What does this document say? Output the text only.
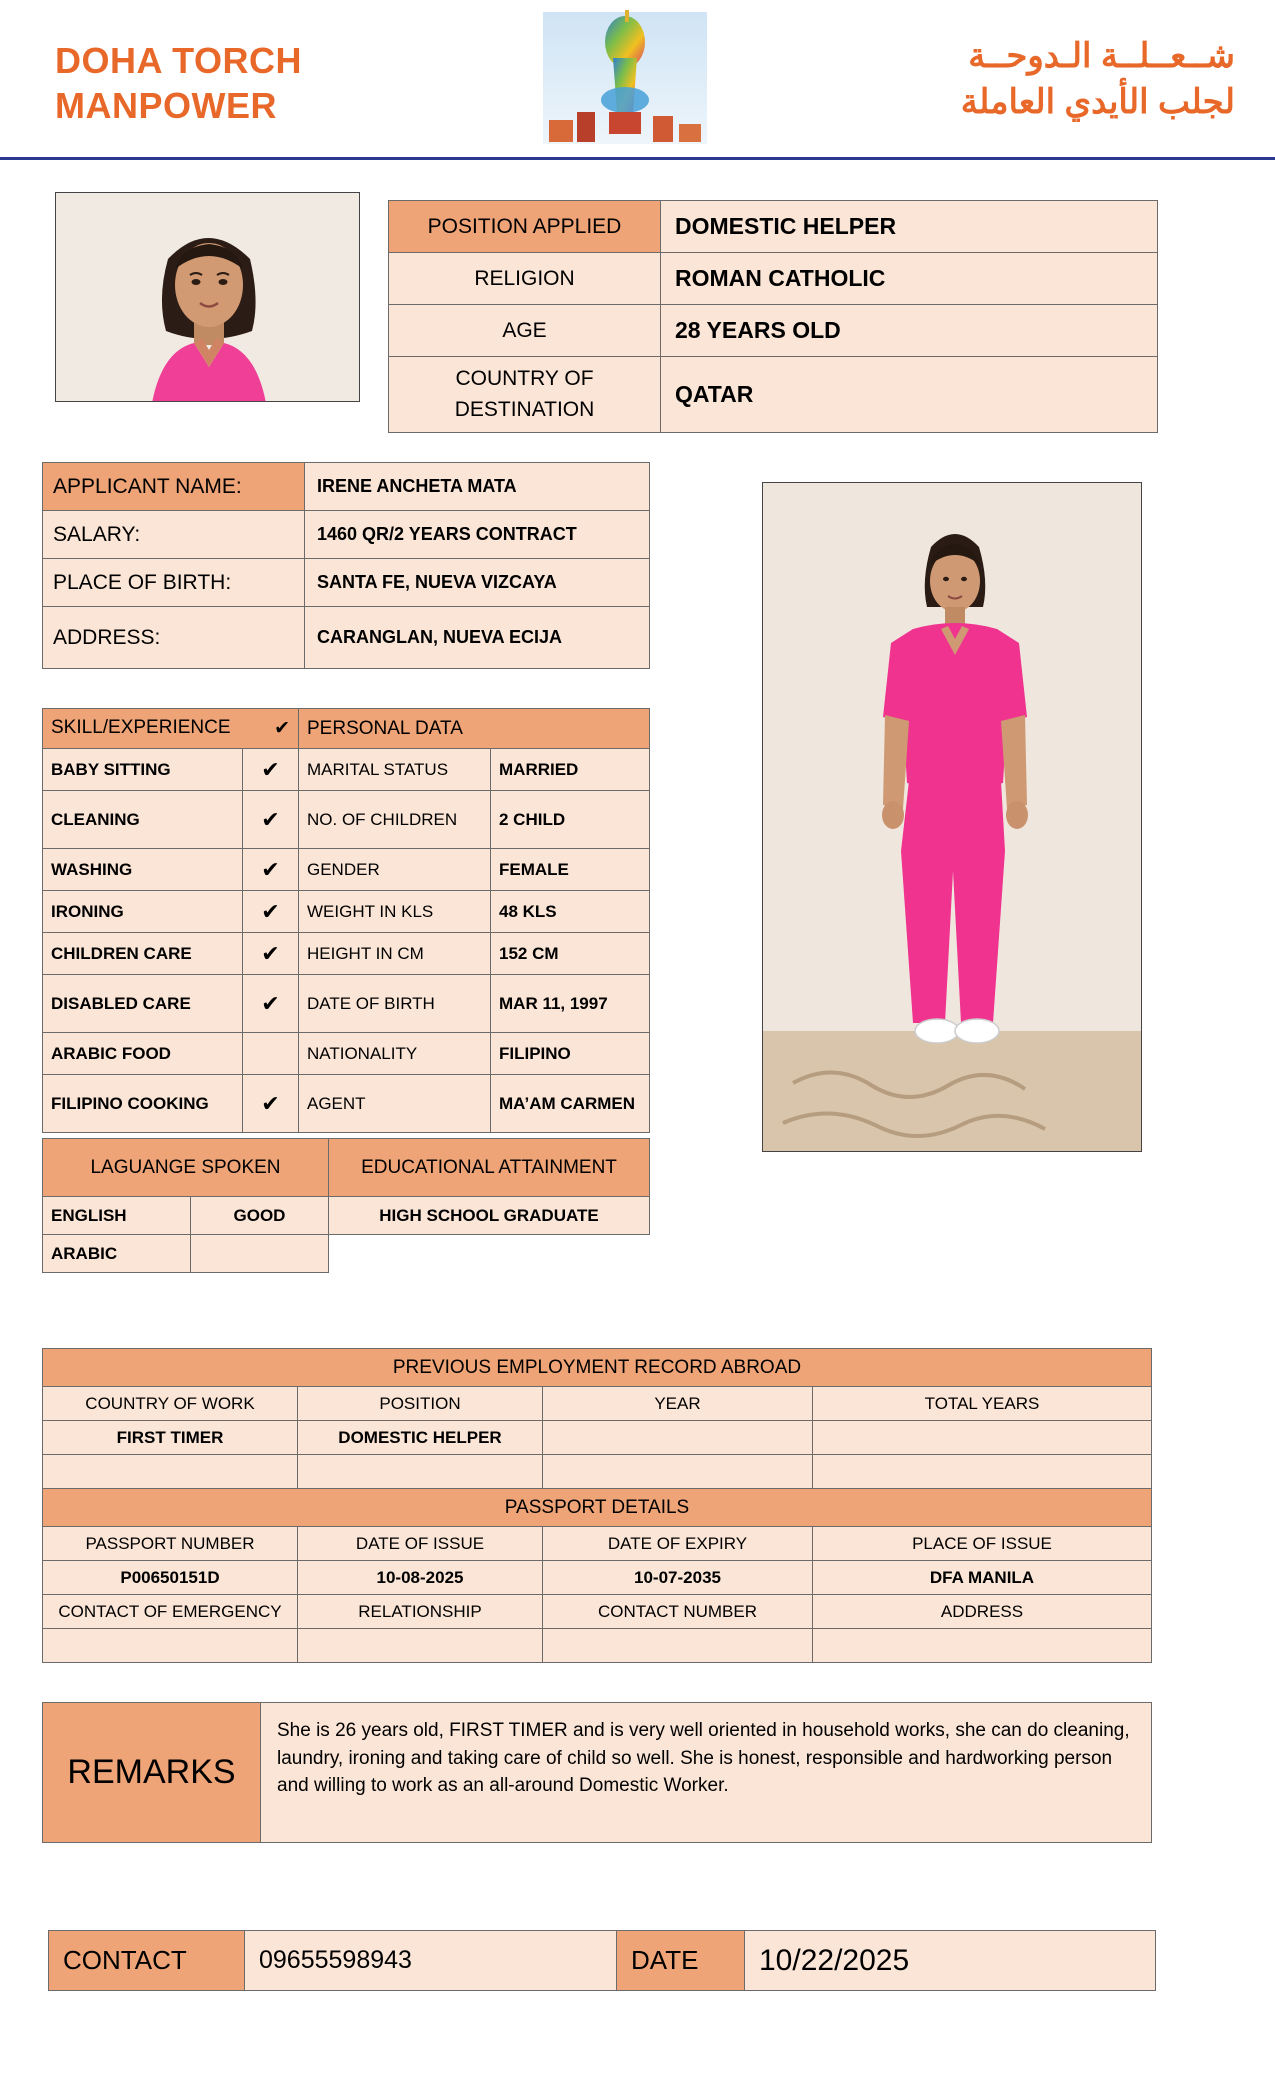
DOHA TORCH
MANPOWER
شــعــلــة الـدوحــة
لجلب الأيدي العاملة
POSITION APPLIED	DOMESTIC HELPER
RELIGION	ROMAN CATHOLIC
AGE	28 YEARS OLD
COUNTRY OF DESTINATION	QATAR
APPLICANT NAME:	IRENE ANCHETA MATA
SALARY:	1460 QR/2 YEARS CONTRACT
PLACE OF BIRTH:	SANTA FE, NUEVA VIZCAYA
ADDRESS:	CARANGLAN, NUEVA ECIJA
SKILL/EXPERIENCE ✔		PERSONAL DATA	
BABY SITTING	✔	MARITAL STATUS	MARRIED
CLEANING	✔	NO. OF CHILDREN	2 CHILD
WASHING	✔	GENDER	FEMALE
IRONING	✔	WEIGHT IN KLS	48 KLS
CHILDREN CARE	✔	HEIGHT IN CM	152 CM
DISABLED CARE	✔	DATE OF BIRTH	MAR 11, 1997
ARABIC FOOD		NATIONALITY	FILIPINO
FILIPINO COOKING	✔	AGENT	MA’AM CARMEN
LAGUANGE SPOKEN		EDUCATIONAL ATTAINMENT
ENGLISH	GOOD	HIGH SCHOOL GRADUATE
ARABIC		
PREVIOUS EMPLOYMENT RECORD ABROAD			
COUNTRY OF WORK	POSITION	YEAR	TOTAL YEARS
FIRST TIMER	DOMESTIC HELPER		

PASSPORT DETAILS			
PASSPORT NUMBER	DATE OF ISSUE	DATE OF EXPIRY	PLACE OF ISSUE
P00650151D	10-08-2025	10-07-2035	DFA MANILA
CONTACT OF EMERGENCY	RELATIONSHIP	CONTACT NUMBER	ADDRESS

REMARKS	She is 26 years old, FIRST TIMER and is very well oriented in household works, she can do cleaning, laundry, ironing and taking care of child so well. She is honest, responsible and hardworking person and willing to work as an all-around Domestic Worker.
CONTACT	09655598943	DATE	10/22/2025
